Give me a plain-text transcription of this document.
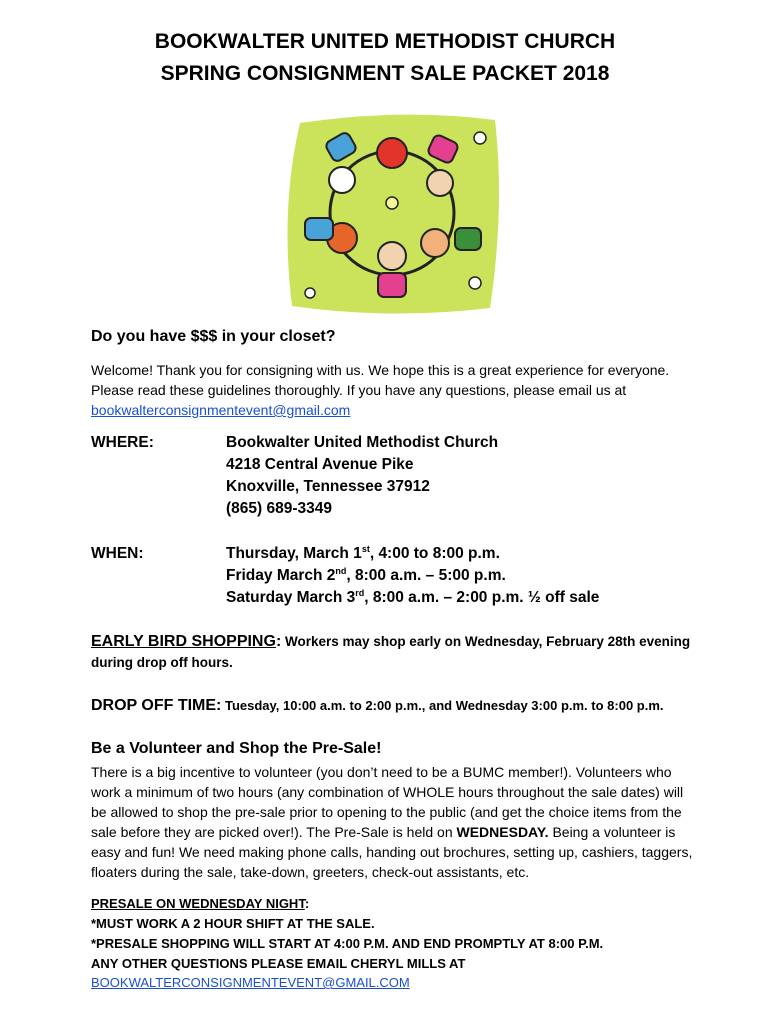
BOOKWALTER UNITED METHODIST CHURCH
SPRING CONSIGNMENT SALE PACKET 2018
Do you have $$$ in your closet?
Welcome! Thank you for consigning with us. We hope this is a great experience for everyone.
Please read these guidelines thoroughly. If you have any questions, please email us at
bookwalterconsignmentevent@gmail.com
WHERE:	Bookwalter United Methodist Church
4218 Central Avenue Pike
Knoxville, Tennessee 37912
(865) 689-3349
WHEN:	Thursday, March 1st, 4:00 to 8:00 p.m.
Friday March 2nd, 8:00 a.m. – 5:00 p.m.
Saturday March 3rd, 8:00 a.m. – 2:00 p.m. ½ off sale
EARLY BIRD SHOPPING: Workers may shop early on Wednesday, February 28th evening
during drop off hours.
DROP OFF TIME: Tuesday, 10:00 a.m. to 2:00 p.m., and Wednesday 3:00 p.m. to 8:00 p.m.
Be a Volunteer and Shop the Pre-Sale!
There is a big incentive to volunteer (you don’t need to be a BUMC member!). Volunteers who
work a minimum of two hours (any combination of WHOLE hours throughout the sale dates) will
be allowed to shop the pre-sale prior to opening to the public (and get the choice items from the
sale before they are picked over!). The Pre-Sale is held on WEDNESDAY. Being a volunteer is
easy and fun! We need making phone calls, handing out brochures, setting up, cashiers, taggers,
floaters during the sale, take-down, greeters, check-out assistants, etc.
PRESALE ON WEDNESDAY NIGHT:
*MUST WORK A 2 HOUR SHIFT AT THE SALE.
*PRESALE SHOPPING WILL START AT 4:00 P.M. AND END PROMPTLY AT 8:00 P.M.
ANY OTHER QUESTIONS PLEASE EMAIL CHERYL MILLS AT
BOOKWALTERCONSIGNMENTEVENT@GMAIL.COM
